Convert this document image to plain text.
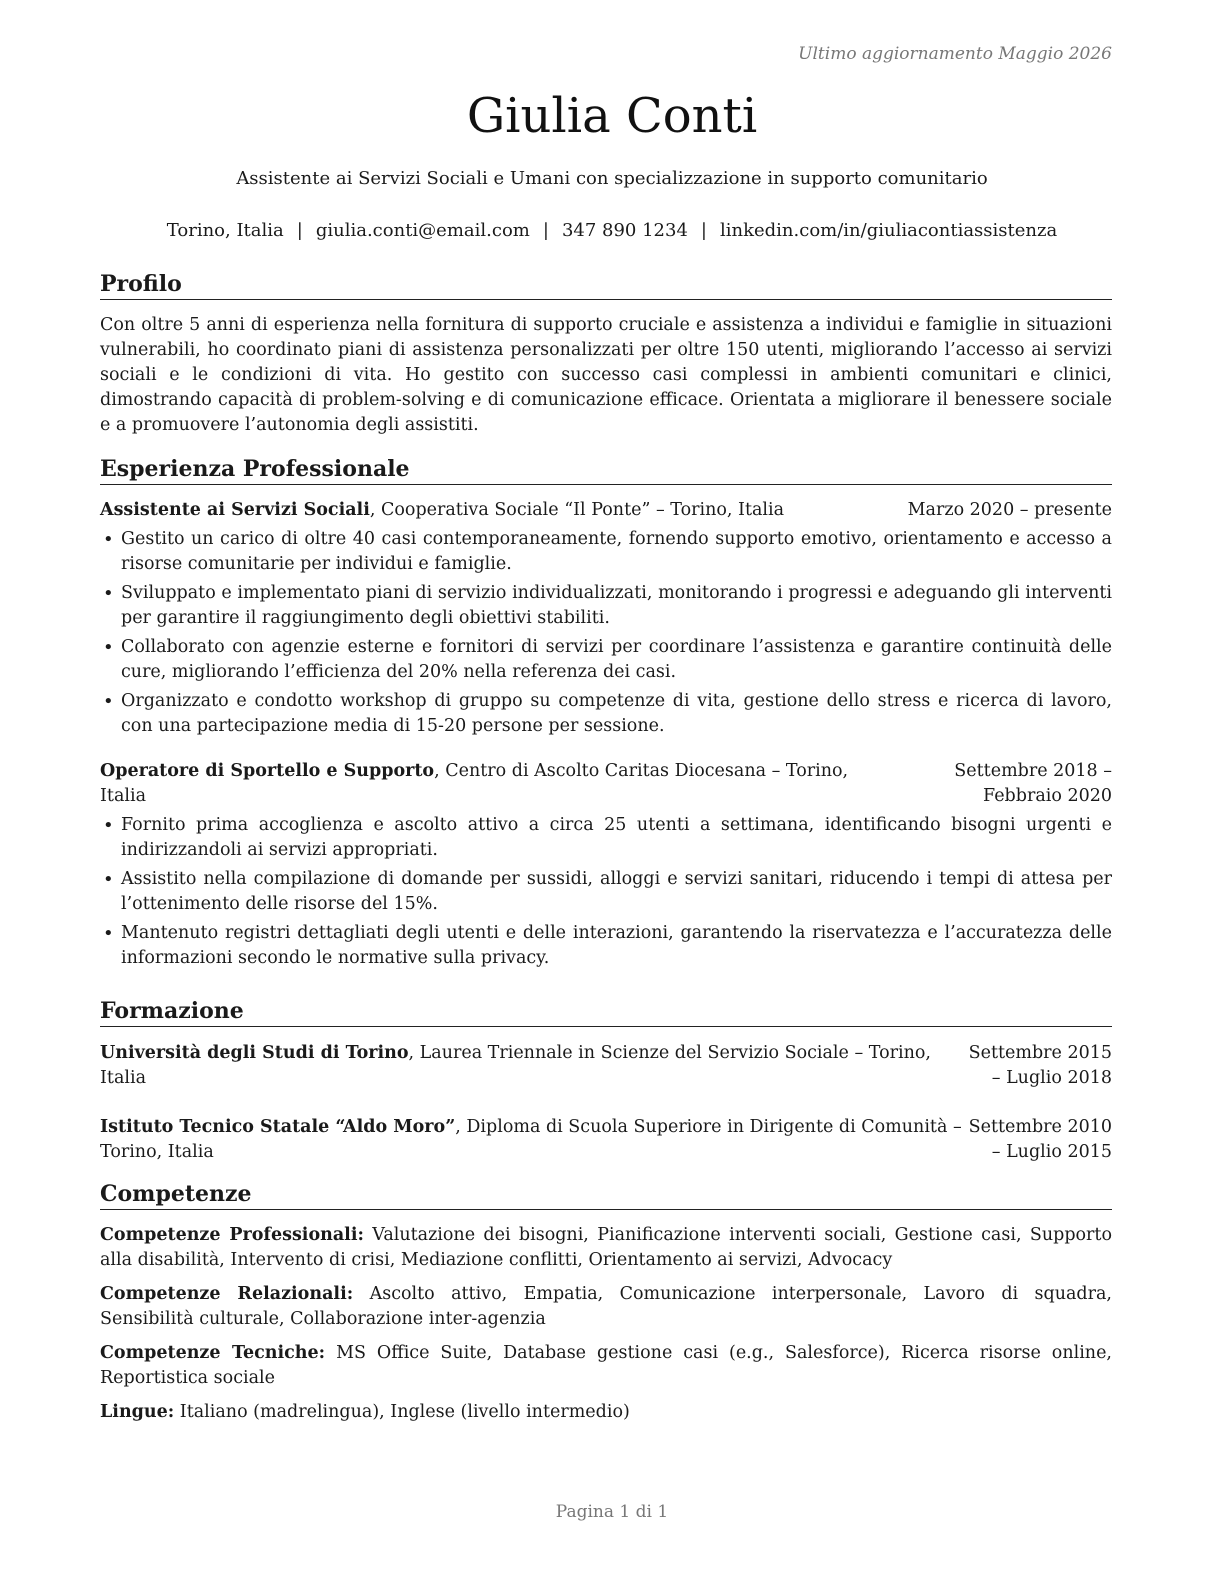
Ultimo aggiornamento Maggio 2026
Giulia Conti
Assistente ai Servizi Sociali e Umani con specializzazione in supporto comunitario
Torino, Italia | giulia.conti@email.com | 347 890 1234 | linkedin.com/in/giuliacontiassistenza
Profilo

Con oltre 5 anni di esperienza nella fornitura di supporto cruciale e assistenza a individui e famiglie in situazioni vulnerabili, ho coordinato piani di assistenza personalizzati per oltre 150 utenti, migliorando l’accesso ai servizi sociali e le condizioni di vita. Ho gestito con successo casi complessi in ambienti comunitari e clinici, dimostrando capacità di problem-solving e di comunicazione efficace. Orientata a migliorare il benessere sociale e a promuovere l’autonomia degli assistiti.

Esperienza Professionale
Assistente ai Servizi Sociali, Cooperativa Sociale “Il Ponte” – Torino, Italia	Marzo 2020 – presente
• Gestito un carico di oltre 40 casi contemporaneamente, fornendo supporto emotivo, orientamento e accesso a risorse comunitarie per individui e famiglie.
• Sviluppato e implementato piani di servizio individualizzati, monitorando i progressi e adeguando gli interventi per garantire il raggiungimento degli obiettivi stabiliti.
• Collaborato con agenzie esterne e fornitori di servizi per coordinare l’assistenza e garantire continuità delle cure, migliorando l’efficienza del 20% nella referenza dei casi.
• Organizzato e condotto workshop di gruppo su competenze di vita, gestione dello stress e ricerca di lavoro, con una partecipazione media di 15-20 persone per sessione.
Operatore di Sportello e Supporto, Centro di Ascolto Caritas Diocesana – Torino, Italia
Settembre 2018 – Febbraio 2020
• Fornito prima accoglienza e ascolto attivo a circa 25 utenti a settimana, identificando bisogni urgenti e indirizzandoli ai servizi appropriati.
• Assistito nella compilazione di domande per sussidi, alloggi e servizi sanitari, riducendo i tempi di attesa per l’ottenimento delle risorse del 15%.
• Mantenuto registri dettagliati degli utenti e delle interazioni, garantendo la riservatezza e l’accuratezza delle informazioni secondo le normative sulla privacy.
Formazione
Università degli Studi di Torino, Laurea Triennale in Scienze del Servizio Sociale – Torino, Italia
Settembre 2015 – Luglio 2018
Istituto Tecnico Statale “Aldo Moro”, Diploma di Scuola Superiore in Dirigente di Comunità – Torino, Italia
Settembre 2010 – Luglio 2015
Competenze
Competenze Professionali: Valutazione dei bisogni, Pianificazione interventi sociali, Gestione casi, Supporto alla disabilità, Intervento di crisi, Mediazione conflitti, Orientamento ai servizi, Advocacy
Competenze Relazionali: Ascolto attivo, Empatia, Comunicazione interpersonale, Lavoro di squadra, Sensibilità culturale, Collaborazione inter-agenzia
Competenze Tecniche: MS Office Suite, Database gestione casi (e.g., Salesforce), Ricerca risorse online, Reportistica sociale
Lingue: Italiano (madrelingua), Inglese (livello intermedio)
Pagina 1 di 1
